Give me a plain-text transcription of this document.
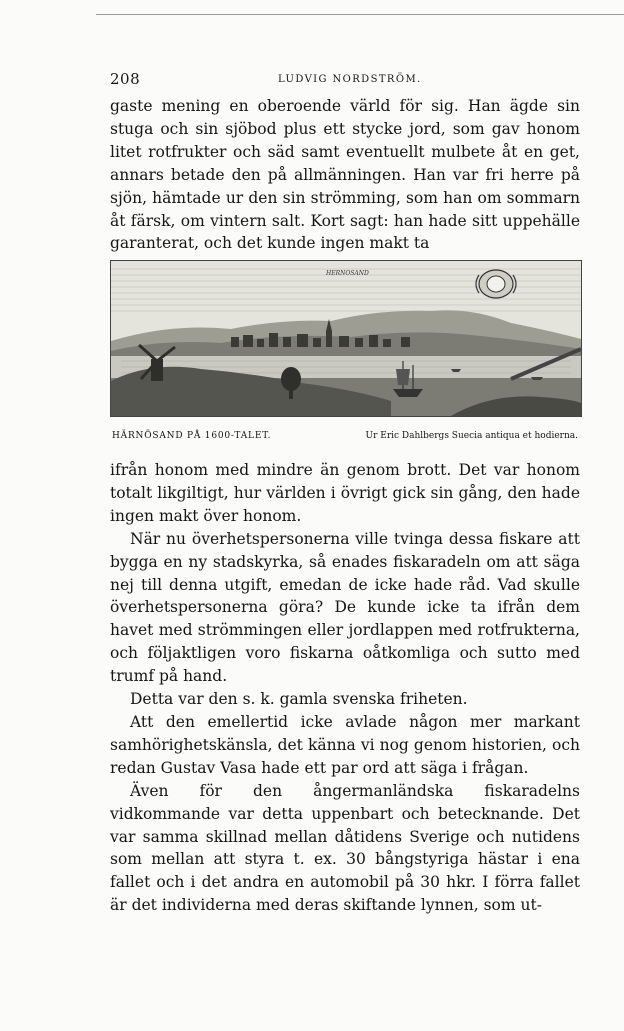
208	LUDVIG NORDSTRÖM.

gaste mening en oberoende värld för sig. Han ägde sin stuga och sin sjöbod plus ett stycke jord, som gav honom litet rotfrukter och säd samt eventuellt mulbete åt en get, annars betade den på allmänningen. Han var fri herre på sjön, hämtade ur den sin strömming, som han om sommarn åt färsk, om vintern salt. Kort sagt: han hade sitt uppehälle garanterat, och det kunde ingen makt ta

HERNOSAND
HÄRNÖSAND PÅ 1600-TALET.	Ur Eric Dahlbergs Suecia antiqua et hodierna.

ifrån honom med mindre än genom brott. Det var honom totalt likgiltigt, hur världen i övrigt gick sin gång, den hade ingen makt över honom.

När nu överhetspersonerna ville tvinga dessa fiskare att bygga en ny stadskyrka, så enades fiskaradeln om att säga nej till denna utgift, emedan de icke hade råd. Vad skulle överhetspersonerna göra? De kunde icke ta ifrån dem havet med strömmingen eller jordlappen med rotfrukterna, och följaktligen voro fiskarna oåtkomliga och sutto med trumf på hand.

Detta var den s. k. gamla svenska friheten.

Att den emellertid icke avlade någon mer markant samhörighetskänsla, det känna vi nog genom historien, och redan Gustav Vasa hade ett par ord att säga i frågan.

Även för den ångermanländska fiskaradelns vidkommande var detta uppenbart och betecknande. Det var samma skillnad mellan dåtidens Sverige och nutidens som mellan att styra t. ex. 30 bångstyriga hästar i ena fallet och i det andra en automobil på 30 hkr. I förra fallet är det individerna med deras skiftande lynnen, som ut-
